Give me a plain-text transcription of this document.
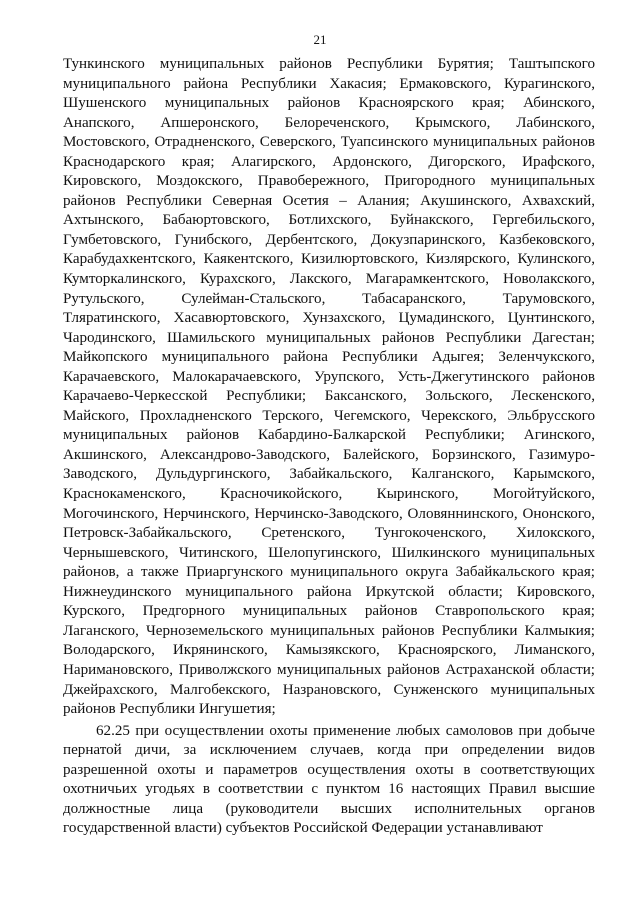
21

Тункинского муниципальных районов Республики Бурятия; Таштыпского муниципального района Республики Хакасия; Ермаковского, Курагинского, Шушенского муниципальных районов Красноярского края; Абинского, Анапского, Апшеронского, Белореченского, Крымского, Лабинского, Мостовского, Отрадненского, Северского, Туапсинского муниципальных районов Краснодарского края; Алагирского, Ардонского, Дигорского, Ирафского, Кировского, Моздокского, Правобережного, Пригородного муниципальных районов Республики Северная Осетия – Алания; Акушинского, Ахвахский, Ахтынского, Бабаюртовского, Ботлихского, Буйнакского, Гергебильского, Гумбетовского, Гунибского, Дербентского, Докузпаринского, Казбековского, Карабудахкентского, Каякентского, Кизилюртовского, Кизлярского, Кулинского, Кумторкалинского, Курахского, Лакского, Магарамкентского, Новолакского, Рутульского, Сулейман-Стальского, Табасаранского, Тарумовского, Тляратинского, Хасавюртовского, Хунзахского, Цумадинского, Цунтинского, Чародинского, Шамильского муниципальных районов Республики Дагестан; Майкопского муниципального района Республики Адыгея; Зеленчукского, Карачаевского, Малокарачаевского, Урупского, Усть-Джегутинского районов Карачаево-Черкесской Республики; Баксанского, Зольского, Лескенского, Майского, Прохладненского Терского, Чегемского, Черекского, Эльбрусского муниципальных районов Кабардино-Балкарской Республики; Агинского, Акшинского, Александрово-Заводского, Балейского, Борзинского, Газимуро-Заводского, Дульдургинского, Забайкальского, Калганского, Карымского, Краснокаменского, Красночикойского, Кыринского, Могойтуйского, Могочинского, Нерчинского, Нерчинско-Заводского, Оловяннинского, Ононского, Петровск-Забайкальского, Сретенского, Тунгокоченского, Хилокского, Чернышевского, Читинского, Шелопугинского, Шилкинского муниципальных районов, а также Приаргунского муниципального округа Забайкальского края; Нижнеудинского муниципального района Иркутской области; Кировского, Курского, Предгорного муниципальных районов Ставропольского края; Лаганского, Черноземельского муниципальных районов Республики Калмыкия; Володарского, Икрянинского, Камызякского, Красноярского, Лиманского, Наримановского, Приволжского муниципальных районов Астраханской области; Джейрахского, Малгобекского, Назрановского, Сунженского муниципальных районов Республики Ингушетия;

62.25 при осуществлении охоты применение любых самоловов при добыче пернатой дичи, за исключением случаев, когда при определении видов разрешенной охоты и параметров осуществления охоты в соответствующих охотничьих угодьях в соответствии с пунктом 16 настоящих Правил высшие должностные лица (руководители высших исполнительных органов государственной власти) субъектов Российской Федерации устанавливают
